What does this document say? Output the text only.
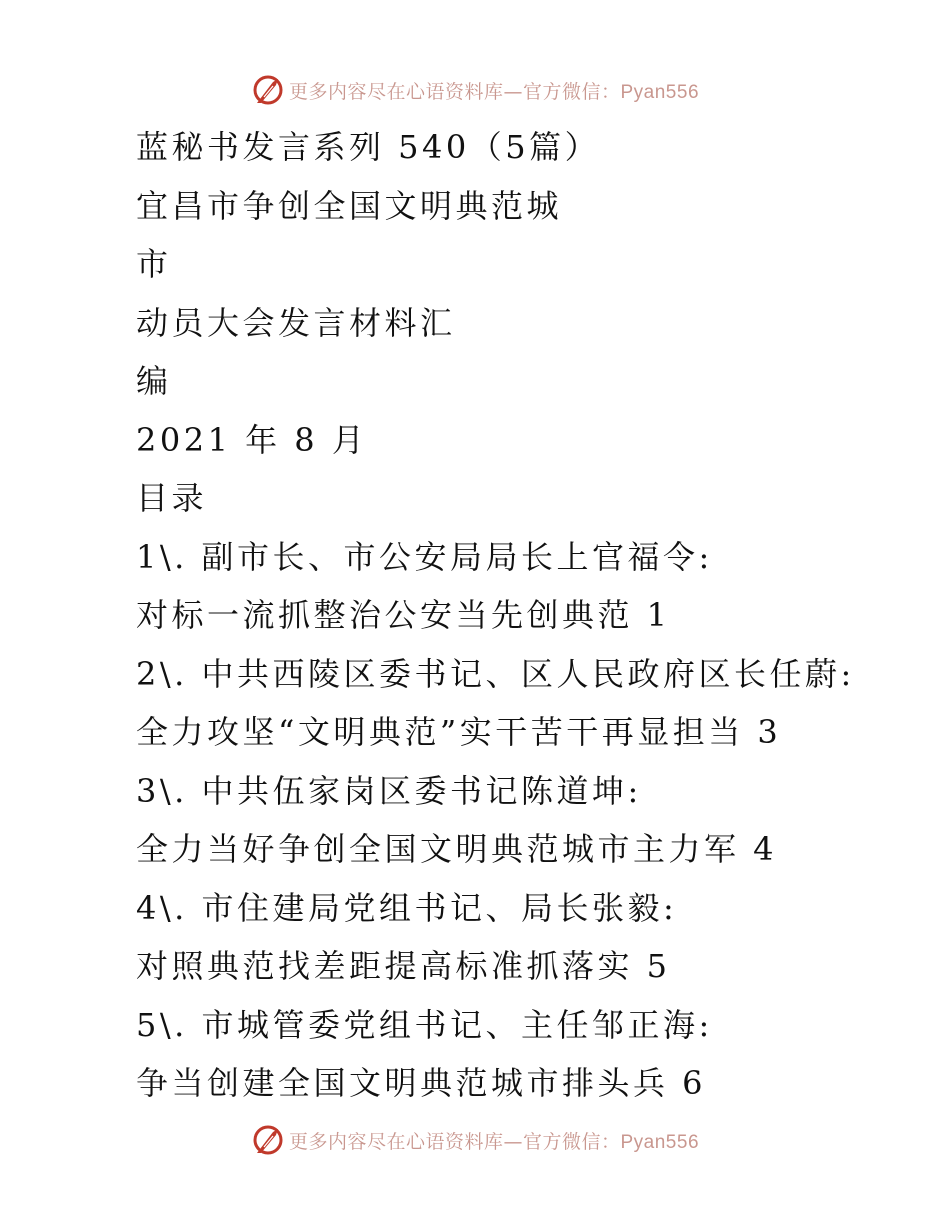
更多内容尽在心语资料库—官方微信：Pyan556
蓝秘书发言系列 540（5篇）
宜昌市争创全国文明典范城
市
动员大会发言材料汇
编
2021 年 8 月
目录
1\. 副市长、市公安局局长上官福令:
对标一流抓整治公安当先创典范 1
2\. 中共西陵区委书记、区人民政府区长任蔚:
全力攻坚“文明典范”实干苦干再显担当 3
3\. 中共伍家岗区委书记陈道坤:
全力当好争创全国文明典范城市主力军 4
4\. 市住建局党组书记、局长张毅:
对照典范找差距提高标准抓落实 5
5\. 市城管委党组书记、主任邹正海:
争当创建全国文明典范城市排头兵 6
更多内容尽在心语资料库—官方微信：Pyan556
